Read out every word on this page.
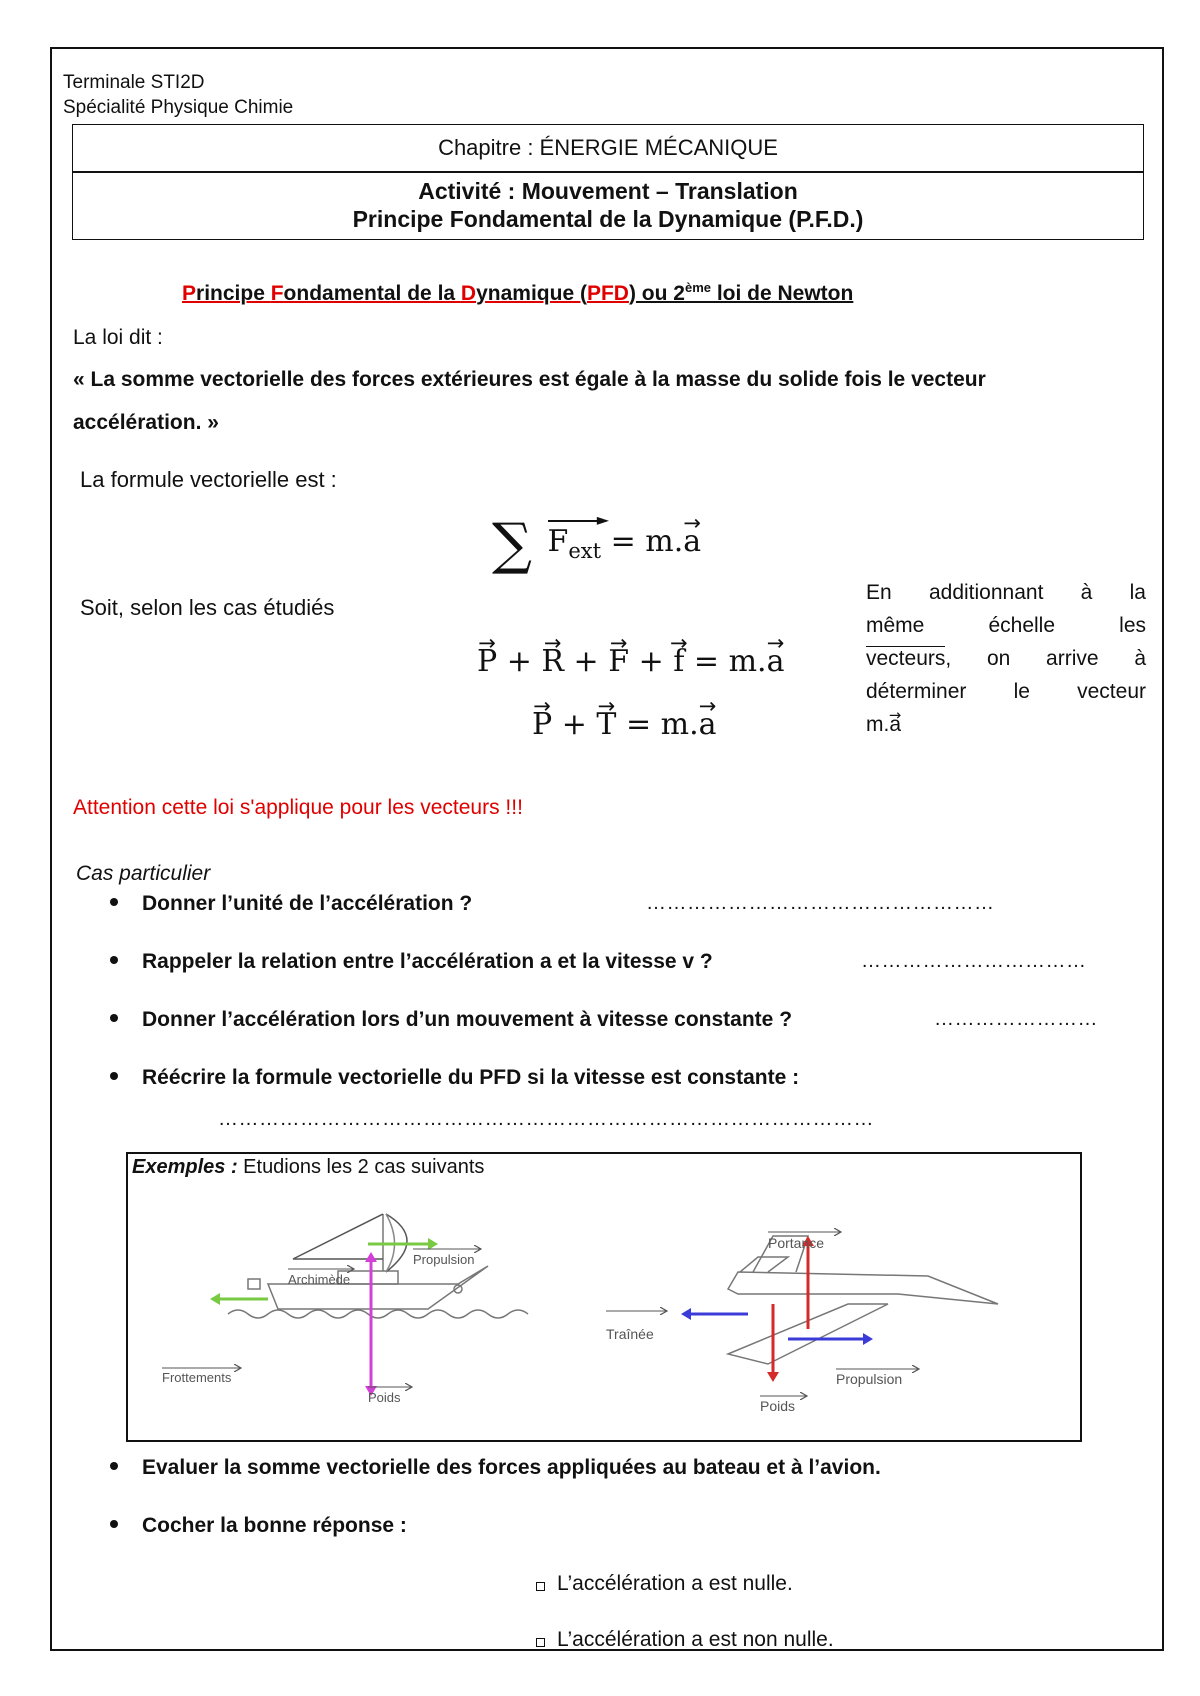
Terminale STI2D
Spécialité Physique Chimie
Chapitre : ÉNERGIE MÉCANIQUE
Activité : Mouvement – Translation
Principe Fondamental de la Dynamique (P.F.D.)
Principe Fondamental de la Dynamique (PFD) ou 2ème loi de Newton
La loi dit :
« La somme vectorielle des forces extérieures est égale à la masse du solide fois le vecteur
accélération. »
La formule vectorielle est :
∑	►
$F_{ext} = m.\to a$
Soit, selon les cas étudiés
→ P + → R + → F + → f = m.→ a
→ P + → T = m.→ a
En additionnant à la
même échelle les
vecteurs, on arrive à
déterminer le vecteur
m.→ a
Attention cette loi s'applique pour les vecteurs !!!
Cas particulier
Donner l’unité de l’accélération ?	……………………………………………
Rappeler la relation entre l’accélération a et la vitesse v ?	……………………………
Donner l’accélération lors d’un mouvement à vitesse constante ?	……………………
Réécrire la formule vectorielle du PFD si la vitesse est constante :
……………………………………………………………………………………
Exemples : Etudions les 2 cas suivants
Propulsion
Archimède
Frottements
Poids
Portance
Traînée
Propulsion
Poids
Evaluer la somme vectorielle des forces appliquées au bateau et à l’avion.
Cocher la bonne réponse :
L’accélération a est nulle.
L’accélération a est non nulle.
